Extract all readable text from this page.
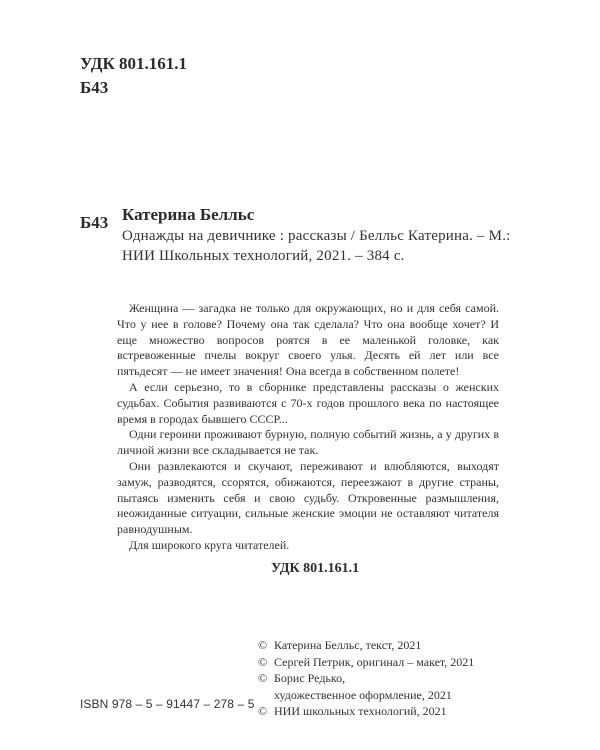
УДК 801.161.1
Б43
Б43 Катерина Белльс
Однажды на девичнике : рассказы / Белльс Катерина. – М.:
НИИ Школьных технологий, 2021. – 384 с.

Женщина — загадка не только для окружающих, но и для себя самой. Что у нее в голове? Почему она так сделала? Что она вообще хочет? И еще множество вопросов роятся в ее маленькой головке, как встревоженные пчелы вокруг своего улья. Десять ей лет или все пятьдесят — не имеет значения! Она всегда в собственном полете!

А если серьезно, то в сборнике представлены рассказы о женских судьбах. События развиваются с 70-х годов прошлого века по настоящее время в городах бывшего СССР...

Одни героини проживают бурную, полную событий жизнь, а у других в личной жизни все складывается не так.

Они развлекаются и скучают, переживают и влюбляются, выходят замуж, разводятся, ссорятся, обижаются, переезжают в другие страны, пытаясь изменить себя и свою судьбу. Откровенные размышления, неожиданные ситуации, сильные женские эмоции не оставляют читателя равнодушным.

Для широкого круга читателей.

УДК 801.161.1
ISBN 978 – 5 – 91447 – 278 – 5
© Катерина Белльс, текст, 2021
© Сергей Петрик, оригинал – макет, 2021
© Борис Редько,
художественное оформление, 2021
© НИИ школьных технологий, 2021
